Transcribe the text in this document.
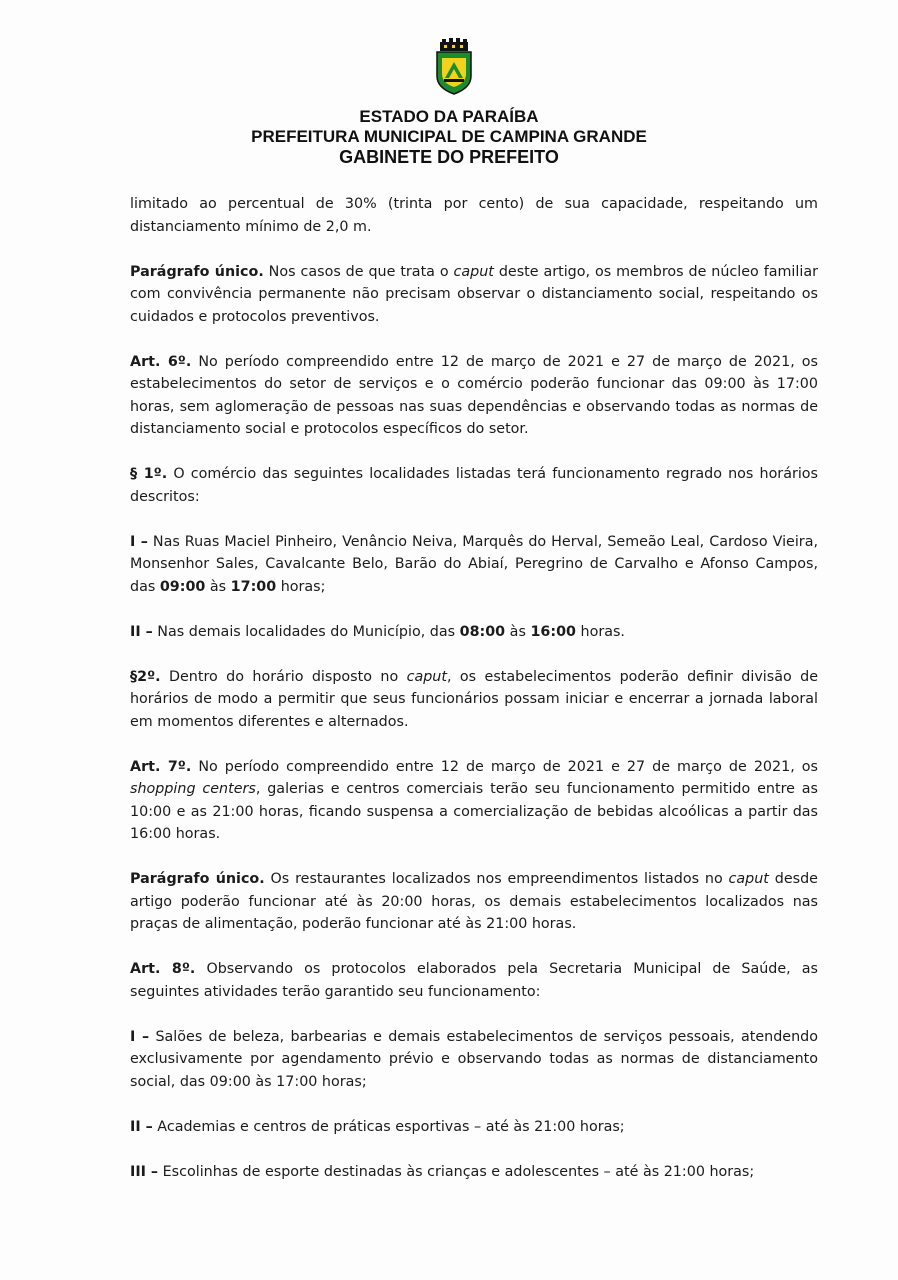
ESTADO DA PARAÍBA
PREFEITURA MUNICIPAL DE CAMPINA GRANDE
GABINETE DO PREFEITO

limitado ao percentual de 30% (trinta por cento) de sua capacidade, respeitando um distanciamento mínimo de 2,0 m.

Parágrafo único. Nos casos de que trata o caput deste artigo, os membros de núcleo familiar com convivência permanente não precisam observar o distanciamento social, respeitando os cuidados e protocolos preventivos.

Art. 6º. No período compreendido entre 12 de março de 2021 e 27 de março de 2021, os estabelecimentos do setor de serviços e o comércio poderão funcionar das 09:00 às 17:00 horas, sem aglomeração de pessoas nas suas dependências e observando todas as normas de distanciamento social e protocolos específicos do setor.

§ 1º. O comércio das seguintes localidades listadas terá funcionamento regrado nos horários descritos:

I – Nas Ruas Maciel Pinheiro, Venâncio Neiva, Marquês do Herval, Semeão Leal, Cardoso Vieira, Monsenhor Sales, Cavalcante Belo, Barão do Abiaí, Peregrino de Carvalho e Afonso Campos, das 09:00 às 17:00 horas;

II – Nas demais localidades do Município, das 08:00 às 16:00 horas.

§2º. Dentro do horário disposto no caput, os estabelecimentos poderão definir divisão de horários de modo a permitir que seus funcionários possam iniciar e encerrar a jornada laboral em momentos diferentes e alternados.

Art. 7º. No período compreendido entre 12 de março de 2021 e 27 de março de 2021, os shopping centers, galerias e centros comerciais terão seu funcionamento permitido entre as 10:00 e as 21:00 horas, ficando suspensa a comercialização de bebidas alcoólicas a partir das 16:00 horas.

Parágrafo único. Os restaurantes localizados nos empreendimentos listados no caput desde artigo poderão funcionar até às 20:00 horas, os demais estabelecimentos localizados nas praças de alimentação, poderão funcionar até às 21:00 horas.

Art. 8º. Observando os protocolos elaborados pela Secretaria Municipal de Saúde, as seguintes atividades terão garantido seu funcionamento:

I – Salões de beleza, barbearias e demais estabelecimentos de serviços pessoais, atendendo exclusivamente por agendamento prévio e observando todas as normas de distanciamento social, das 09:00 às 17:00 horas;

II – Academias e centros de práticas esportivas – até às 21:00 horas;

III – Escolinhas de esporte destinadas às crianças e adolescentes – até às 21:00 horas;
